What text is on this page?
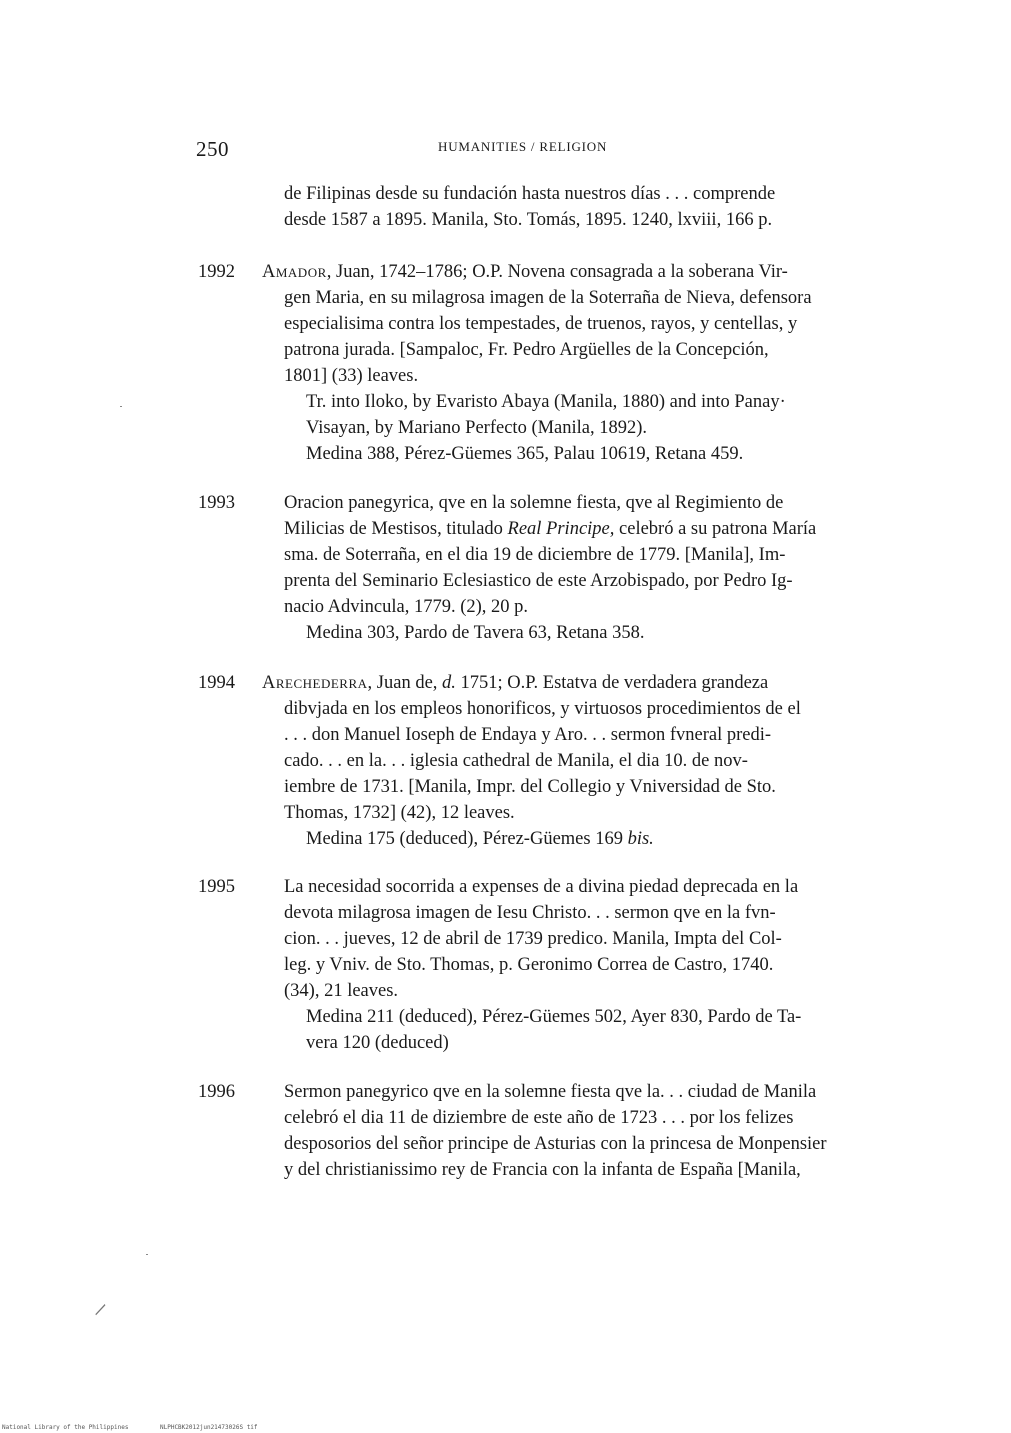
250	HUMANITIES / RELIGION
de Filipinas desde su fundación hasta nuestros días . . . comprende
desde 1587 a 1895. Manila, Sto. Tomás, 1895. 1240, lxviii, 166 p.
1992 Amador, Juan, 1742–1786; O.P. Novena consagrada a la soberana Vir-
gen Maria, en su milagrosa imagen de la Soterraña de Nieva, defensora
especialisima contra los tempestades, de truenos, rayos, y centellas, y
patrona jurada. [Sampaloc, Fr. Pedro Argüelles de la Concepción,
1801] (33) leaves.
Tr. into Iloko, by Evaristo Abaya (Manila, 1880) and into Panay·
Visayan, by Mariano Perfecto (Manila, 1892).
Medina 388, Pérez-Güemes 365, Palau 10619, Retana 459.
1993	Oracion panegyrica, qve en la solemne fiesta, qve al Regimiento de
Milicias de Mestisos, titulado Real Principe, celebró a su patrona María
sma. de Soterraña, en el dia 19 de diciembre de 1779. [Manila], Im-
prenta del Seminario Eclesiastico de este Arzobispado, por Pedro Ig-
nacio Advincula, 1779. (2), 20 p.
Medina 303, Pardo de Tavera 63, Retana 358.
1994 Arechederra, Juan de, d. 1751; O.P. Estatva de verdadera grandeza
dibvjada en los empleos honorificos, y virtuosos procedimientos de el
. . . don Manuel Ioseph de Endaya y Aro. . . sermon fvneral predi-
cado. . . en la. . . iglesia cathedral de Manila, el dia 10. de nov-
iembre de 1731. [Manila, Impr. del Collegio y Vniversidad de Sto.
Thomas, 1732] (42), 12 leaves.
Medina 175 (deduced), Pérez-Güemes 169 bis.
1995	La necesidad socorrida a expenses de a divina piedad deprecada en la
devota milagrosa imagen de Iesu Christo. . . sermon qve en la fvn-
cion. . . jueves, 12 de abril de 1739 predico. Manila, Impta del Col-
leg. y Vniv. de Sto. Thomas, p. Geronimo Correa de Castro, 1740.
(34), 21 leaves.
Medina 211 (deduced), Pérez-Güemes 502, Ayer 830, Pardo de Ta-
vera 120 (deduced)
1996	Sermon panegyrico qve en la solemne fiesta qve la. . . ciudad de Manila
celebró el dia 11 de diziembre de este año de 1723 . . . por los felizes
desposorios del señor principe de Asturias con la princesa de Monpensier
y del christianissimo rey de Francia con la infanta de España [Manila,
\
National Library of the Philippines	NLPHCBK2012jun21473026S tif
